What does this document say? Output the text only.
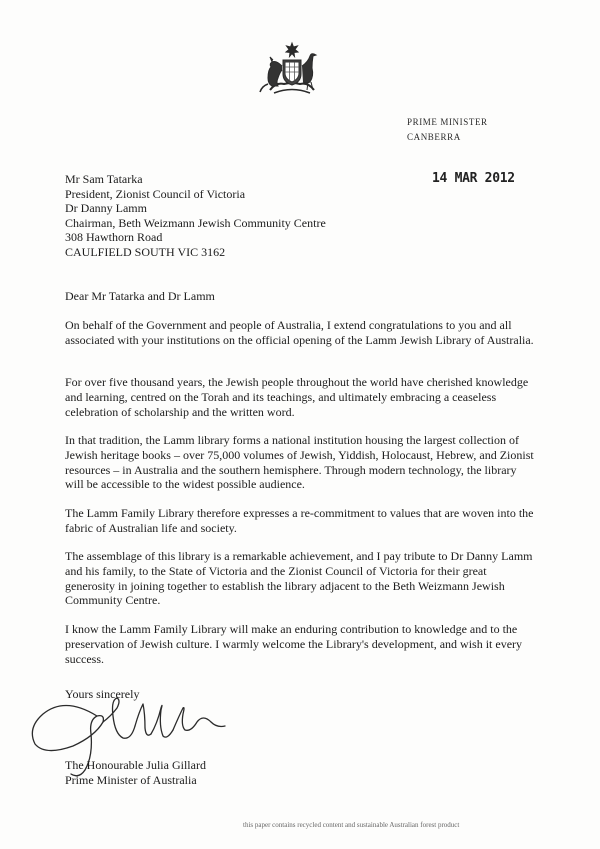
PRIME MINISTER
CANBERRA
14 MAR 2012
Mr Sam Tatarka
President, Zionist Council of Victoria
Dr Danny Lamm
Chairman, Beth Weizmann Jewish Community Centre
308 Hawthorn Road
CAULFIELD SOUTH VIC 3162
Dear Mr Tatarka and Dr Lamm

On behalf of the Government and people of Australia, I extend congratulations to you and all associated with your institutions on the official opening of the Lamm Jewish Library of Australia.

For over five thousand years, the Jewish people throughout the world have cherished knowledge and learning, centred on the Torah and its teachings, and ultimately embracing a ceaseless celebration of scholarship and the written word.

In that tradition, the Lamm library forms a national institution housing the largest collection of Jewish heritage books – over 75,000 volumes of Jewish, Yiddish, Holocaust, Hebrew, and Zionist resources – in Australia and the southern hemisphere. Through modern technology, the library will be accessible to the widest possible audience.

The Lamm Family Library therefore expresses a re-commitment to values that are woven into the fabric of Australian life and society.

The assemblage of this library is a remarkable achievement, and I pay tribute to Dr Danny Lamm and his family, to the State of Victoria and the Zionist Council of Victoria for their great generosity in joining together to establish the library adjacent to the Beth Weizmann Jewish Community Centre.

I know the Lamm Family Library will make an enduring contribution to knowledge and to the preservation of Jewish culture. I warmly welcome the Library's development, and wish it every success.

Yours sincerely
The Honourable Julia Gillard
Prime Minister of Australia
this paper contains recycled content and sustainable Australian forest product
